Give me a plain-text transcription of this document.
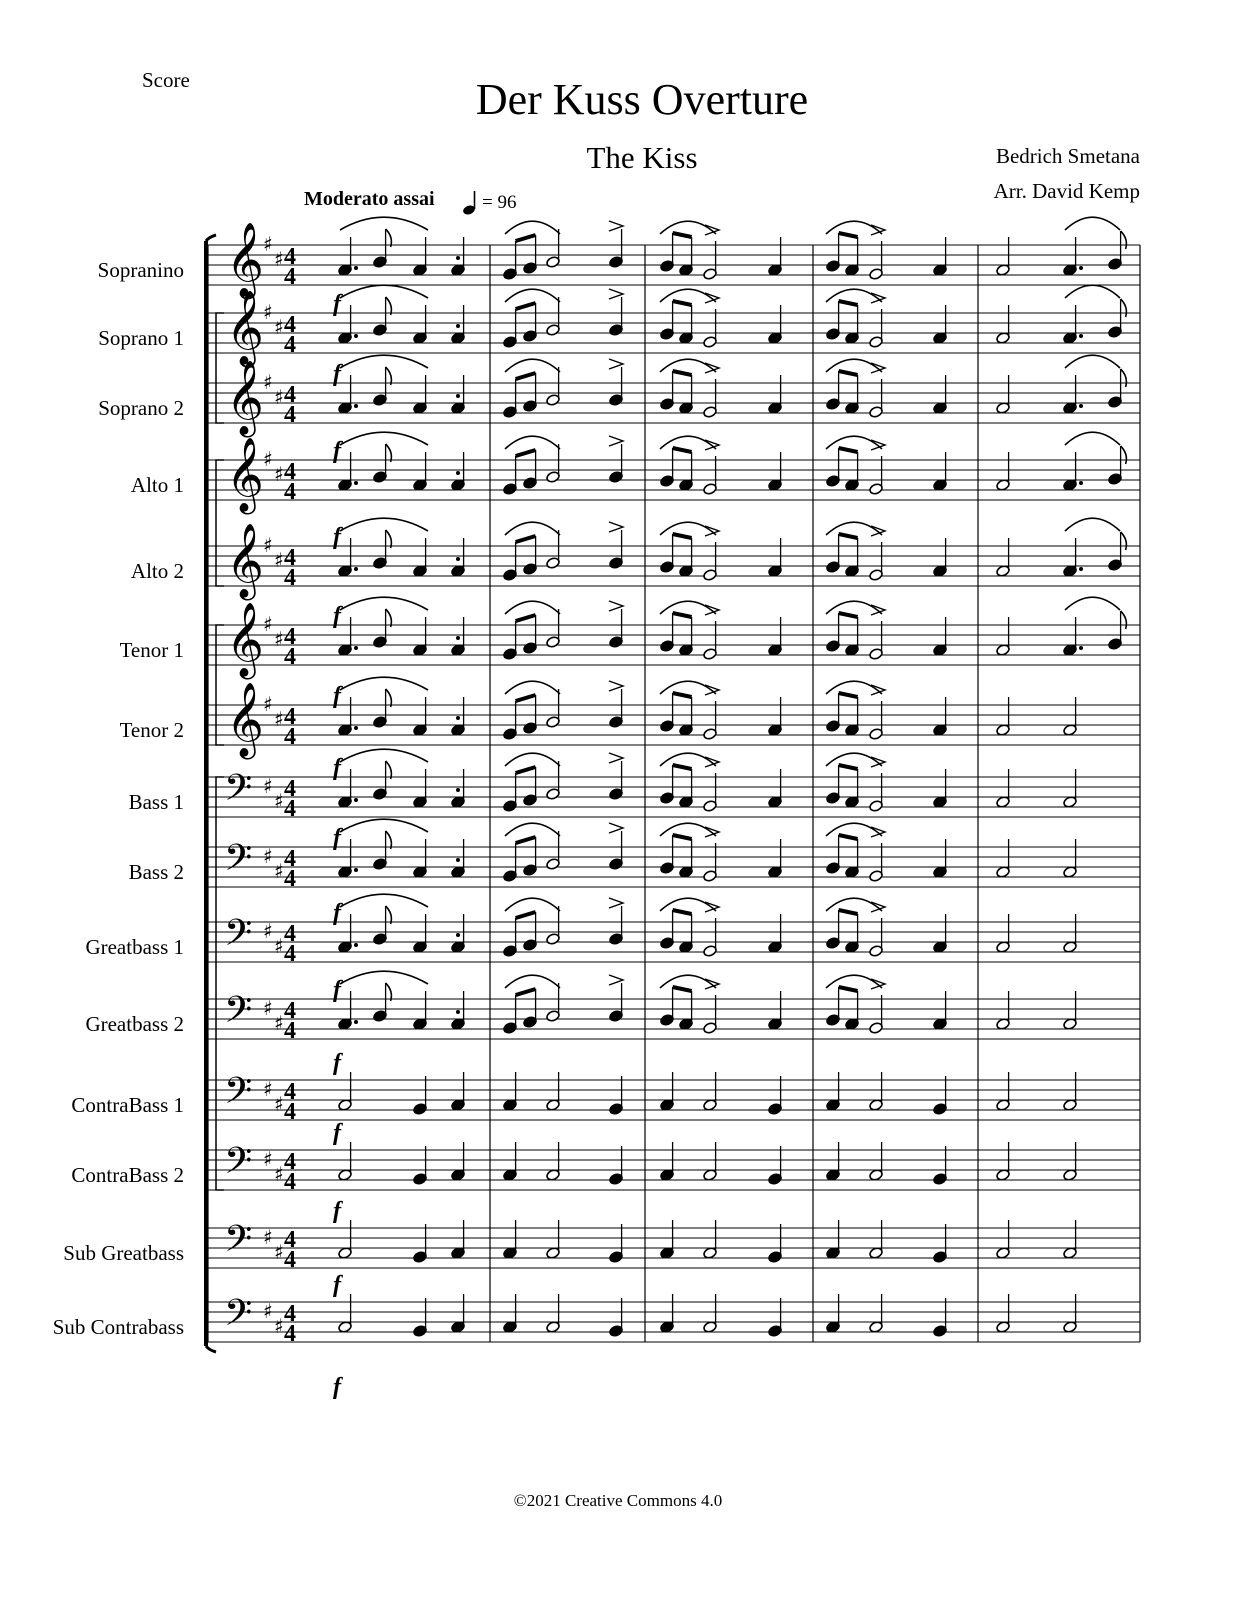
Score	Der Kuss Overture
The Kiss	Bedrich Smetana
Arr. David Kemp
Moderato assai = 96
Sopranino
Soprano 1
Soprano 2
Alto 1
Alto 2
Tenor 1
Tenor 2
Bass 1
Bass 2
Greatbass 1
Greatbass 2
ContraBass 1
ContraBass 2
Sub Greatbass
Sub Contrabass
𝄞 ♯
♯ 4
4
𝄞 ♯
♯ 4
4
f
𝄞 ♯
♯ 4
4
f
𝄞 ♯
♯ 4
4
f
𝄞 ♯
♯ 4
4
f
𝄞 ♯
♯ 4
4
f
𝄞 ♯
♯ 4
4
f
𝄢 ♯
♯ 4
4
f
𝄢 ♯
♯ 4
4
f
𝄢 ♯
♯ 4
4
f
𝄢 ♯
♯ 4
4
f
𝄢 ♯
♯ 4
4
f
𝄢 ♯
♯ 4
4
f
𝄢 ♯
♯ 4
4
f
𝄢 ♯
♯ 4
4
f
f
©2021 Creative Commons 4.0
